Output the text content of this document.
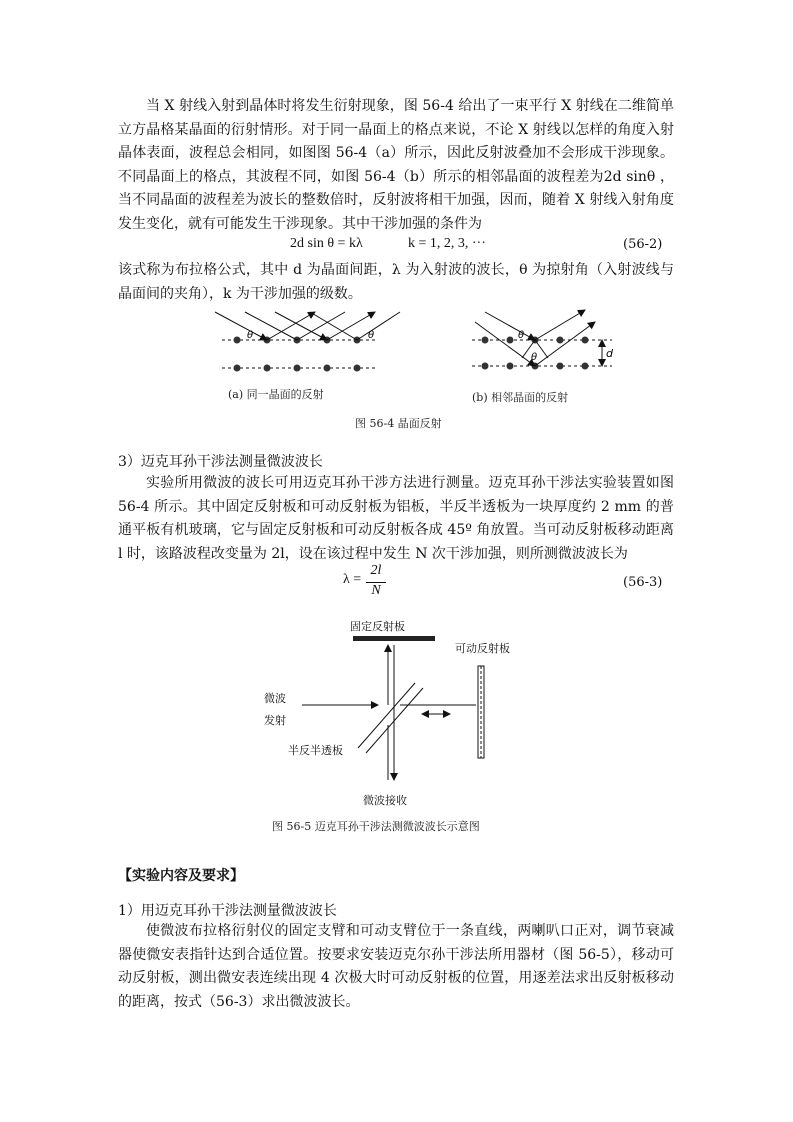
当 X 射线入射到晶体时将发生衍射现象，图 56-4 给出了一束平行 X 射线在二维简单立方晶格某晶面的衍射情形。对于同一晶面上的格点来说，不论 X 射线以怎样的角度入射晶体表面，波程总会相同，如图图 56-4（a）所示，因此反射波叠加不会形成干涉现象。不同晶面上的格点，其波程不同，如图 56-4（b）所示的相邻晶面的波程差为2d sinθ ，当不同晶面的波程差为波长的整数倍时，反射波将相干加强，因而，随着 X 射线入射角度发生变化，就有可能发生干涉现象。其中干涉加强的条件为

2d sin θ = kλ	k = 1, 2, 3, ···	(56-2)

该式称为布拉格公式，其中 d 为晶面间距，λ 为入射波的波长，θ 为掠射角（入射波线与晶面间的夹角），k 为干涉加强的级数。

θ	θ	θ
θ	d
(a) 同一晶面的反射	(b) 相邻晶面的反射
图 56-4 晶面反射
3）迈克耳孙干涉法测量微波波长

实验所用微波的波长可用迈克耳孙干涉方法进行测量。迈克耳孙干涉法实验装置如图 56-4 所示。其中固定反射板和可动反射板为铝板，半反半透板为一块厚度约 2 mm 的普通平板有机玻璃，它与固定反射板和可动反射板各成 45º 角放置。当可动反射板移动距离 l 时，该路波程改变量为 2l，设在该过程中发生 N 次干涉加强，则所测微波波长为

λ =
2l
N
(56-3)
固定反射板
可动反射板
微波
发射
半反半透板
微波接收
图 56-5 迈克耳孙干涉法测微波波长示意图
【实验内容及要求】
1）用迈克耳孙干涉法测量微波波长

使微波布拉格衍射仪的固定支臂和可动支臂位于一条直线，两喇叭口正对，调节衰减器使微安表指针达到合适位置。按要求安装迈克尔孙干涉法所用器材（图 56-5），移动可动反射板，测出微安表连续出现 4 次极大时可动反射板的位置，用逐差法求出反射板移动的距离，按式（56-3）求出微波波长。
